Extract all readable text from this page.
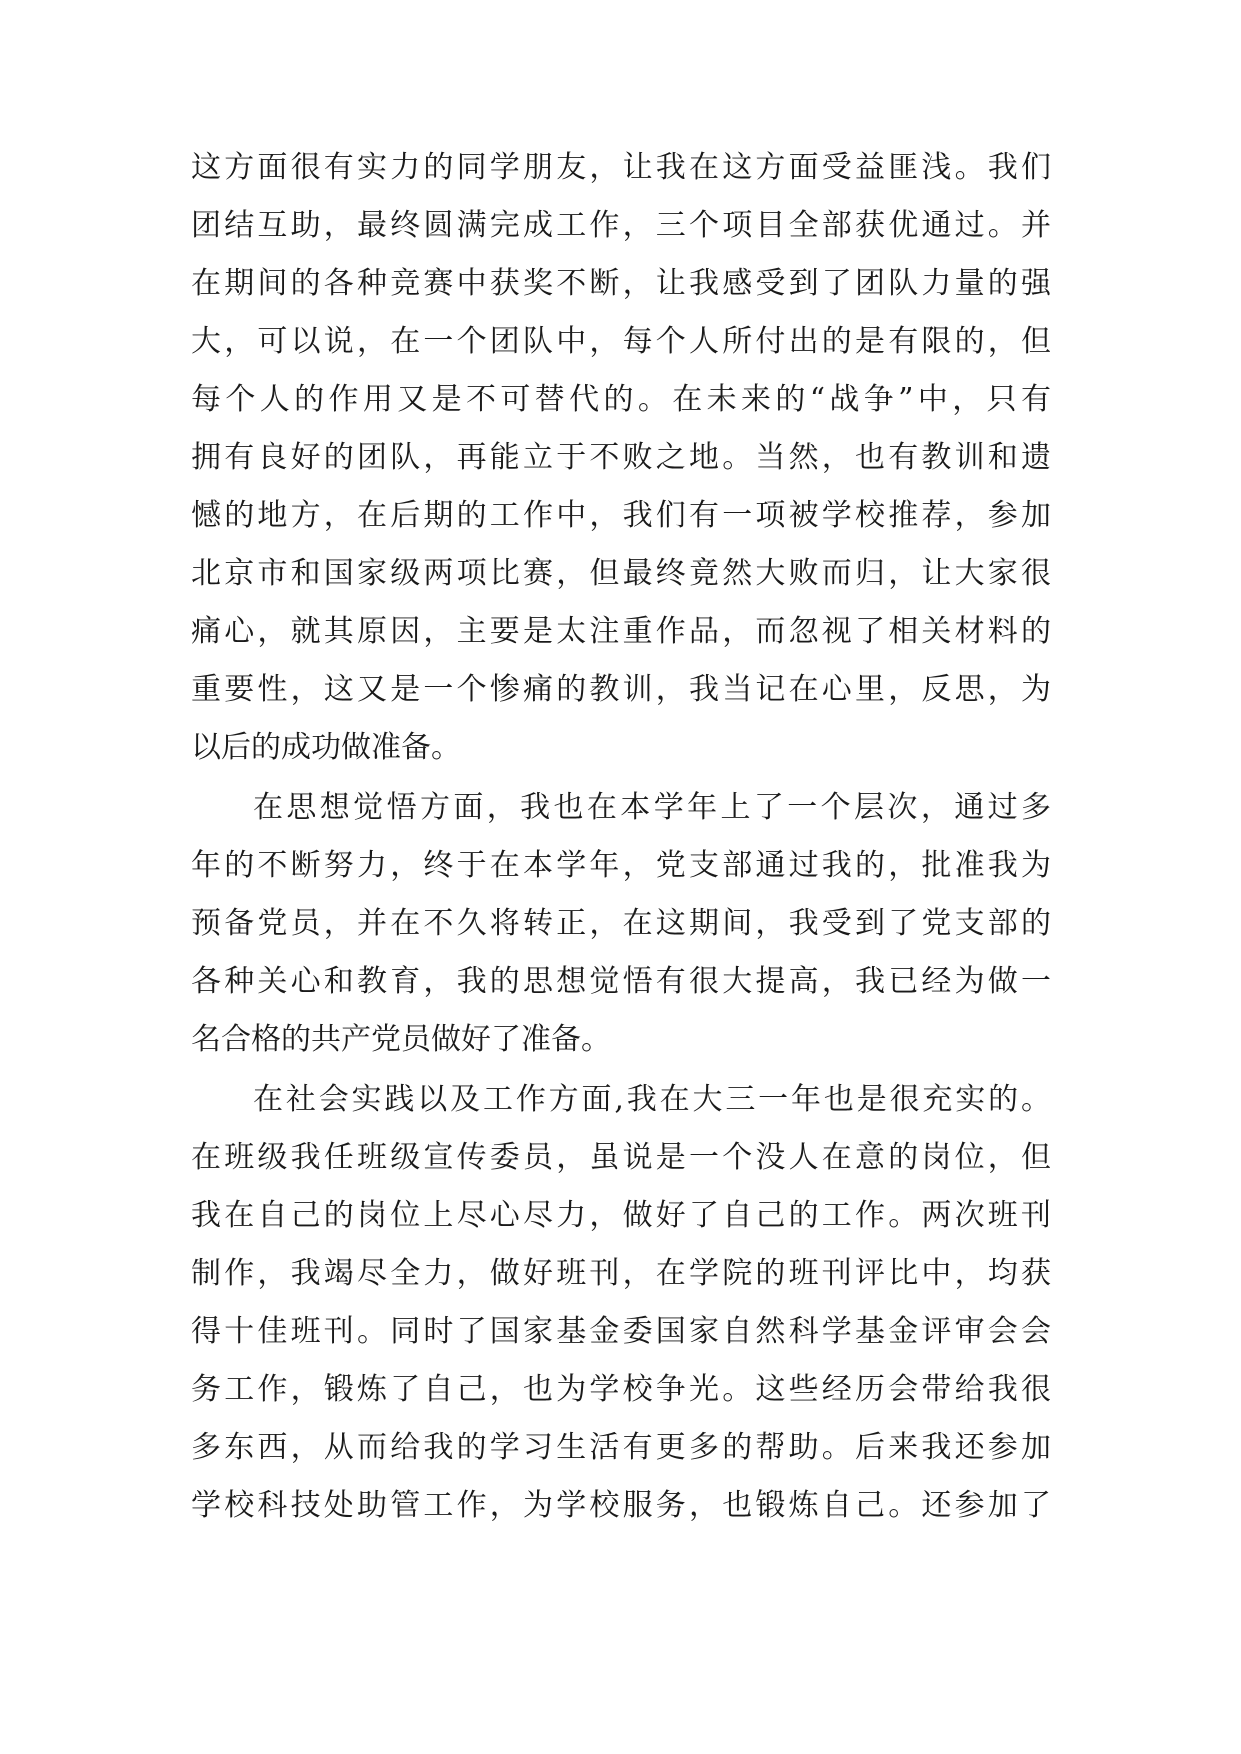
这方面很有实力的同学朋友，让我在这方面受益匪浅。我们
团结互助，最终圆满完成工作，三个项目全部获优通过。并
在期间的各种竞赛中获奖不断，让我感受到了团队力量的强
大，可以说，在一个团队中，每个人所付出的是有限的，但
每个人的作用又是不可替代的。在未来的“战争”中，只有
拥有良好的团队，再能立于不败之地。当然，也有教训和遗
憾的地方，在后期的工作中，我们有一项被学校推荐，参加
北京市和国家级两项比赛，但最终竟然大败而归，让大家很
痛心，就其原因，主要是太注重作品，而忽视了相关材料的
重要性，这又是一个惨痛的教训，我当记在心里，反思，为
以后的成功做准备。
在思想觉悟方面，我也在本学年上了一个层次，通过多
年的不断努力，终于在本学年，党支部通过我的，批准我为
预备党员，并在不久将转正，在这期间，我受到了党支部的
各种关心和教育，我的思想觉悟有很大提高，我已经为做一
名合格的共产党员做好了准备。
在社会实践以及工作方面,我在大三一年也是很充实的。
在班级我任班级宣传委员，虽说是一个没人在意的岗位，但
我在自己的岗位上尽心尽力，做好了自己的工作。两次班刊
制作，我竭尽全力，做好班刊，在学院的班刊评比中，均获
得十佳班刊。同时了国家基金委国家自然科学基金评审会会
务工作，锻炼了自己，也为学校争光。这些经历会带给我很
多东西，从而给我的学习生活有更多的帮助。后来我还参加
学校科技处助管工作，为学校服务，也锻炼自己。还参加了
